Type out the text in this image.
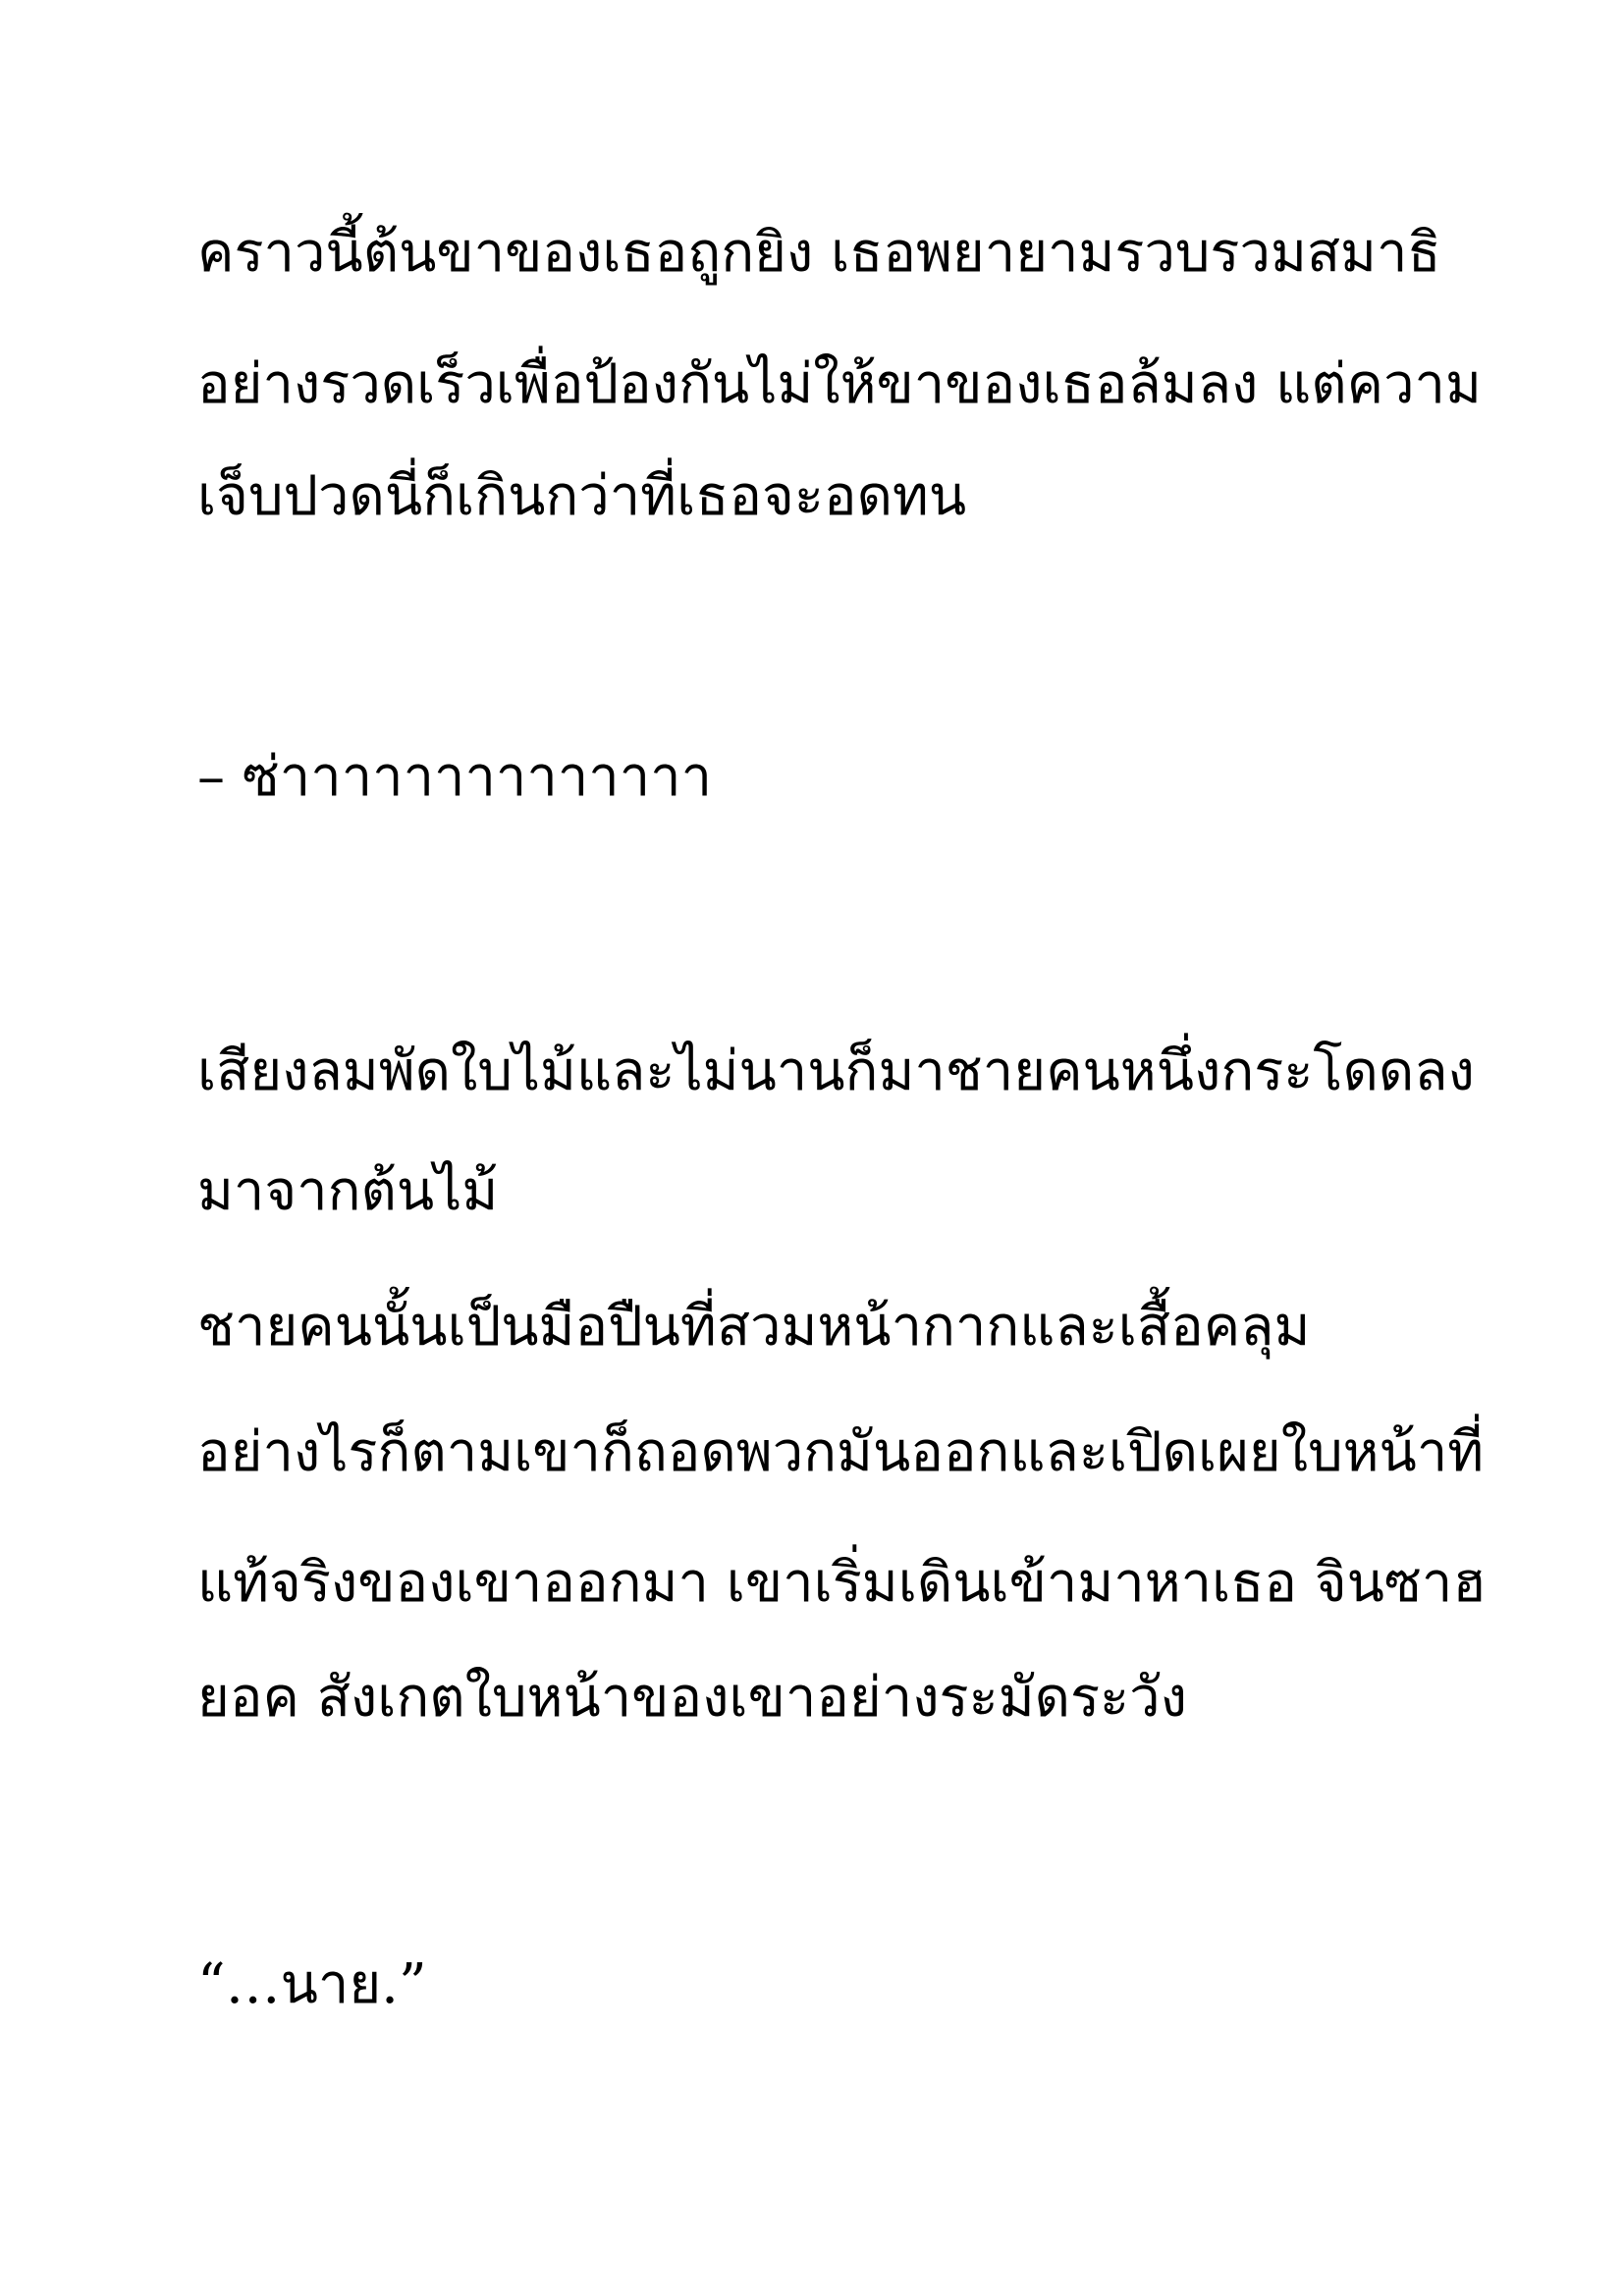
คราวนี้ต้นขาของเธอถูกยิง เธอพยายามรวบรวมสมาธิ

อย่างรวดเร็วเพื่อป้องกันไม่ให้ขาของเธอล้มลง แต่ความ

เจ็บปวดนี่ก็เกินกว่าที่เธอจะอดทน

– ซ่าาาาาาาาาาาาาา

เสียงลมพัดใบไม้และไม่นานก็มาชายคนหนึ่งกระโดดลง

มาจากต้นไม้

ชายคนนั้นเป็นมือปืนที่สวมหน้ากากและเสื้อคลุม

อย่างไรก็ตามเขาก็ถอดพวกมันออกและเปิดเผยใบหน้าที่

แท้จริงของเขาออกมา เขาเริ่มเดินเข้ามาหาเธอ จินซาฮ

ยอค สังเกตใบหน้าของเขาอย่างระมัดระวัง

“…นาย.”
